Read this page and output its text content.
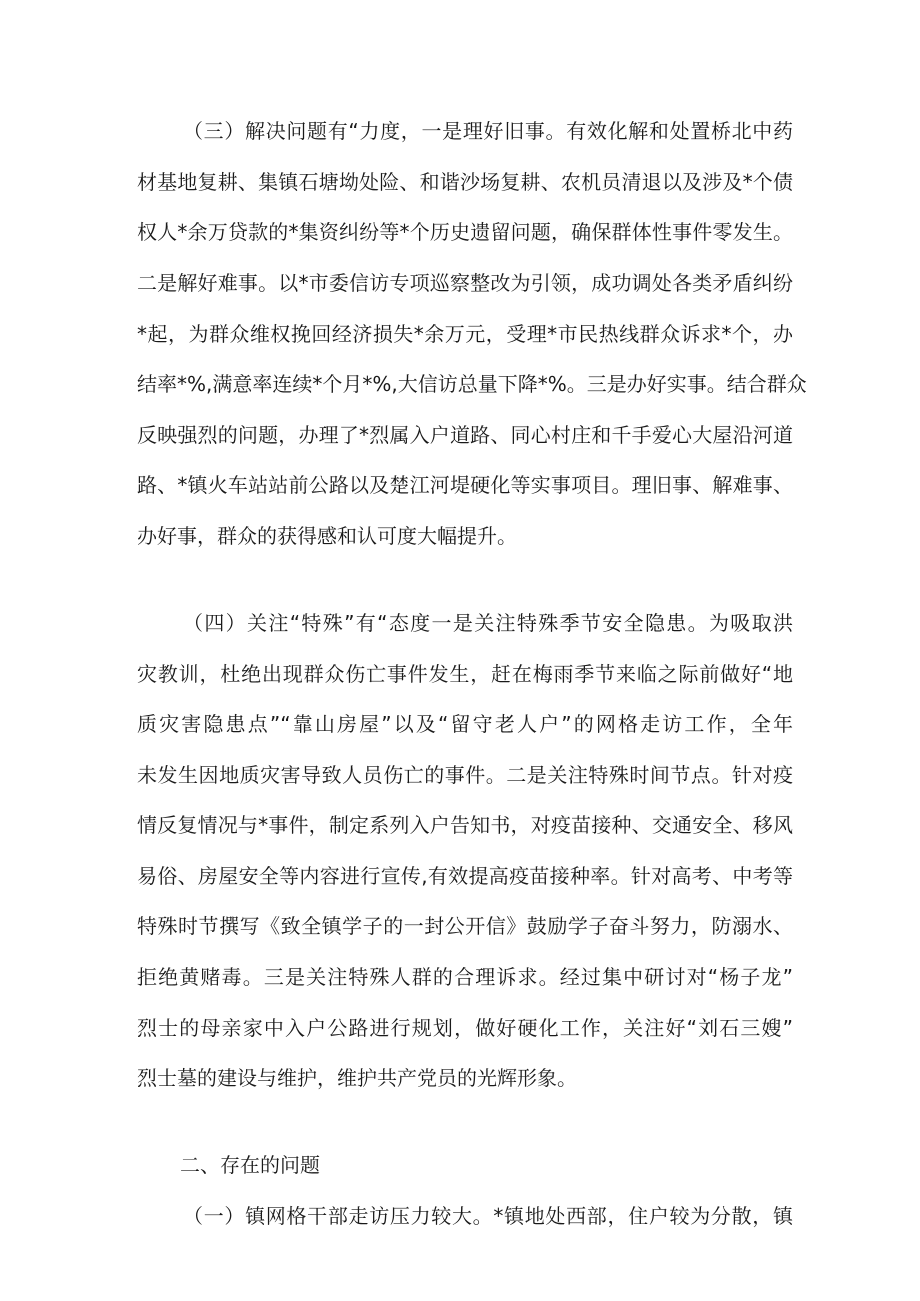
（三）解决问题有“力度，一是理好旧事。有效化解和处置桥北中药
材基地复耕、集镇石塘坳处险、和谐沙场复耕、农机员清退以及涉及*个债
权人*余万贷款的*集资纠纷等*个历史遗留问题，确保群体性事件零发生。
二是解好难事。以*市委信访专项巡察整改为引领，成功调处各类矛盾纠纷
*起，为群众维权挽回经济损失*余万元，受理*市民热线群众诉求*个，办
结率*%,满意率连续*个月*%,大信访总量下降*%。三是办好实事。结合群众
反映强烈的问题，办理了*烈属入户道路、同心村庄和千手爱心大屋沿河道
路、*镇火车站站前公路以及楚江河堤硬化等实事项目。理旧事、解难事、
办好事，群众的获得感和认可度大幅提升。
（四）关注“特殊”有“态度一是关注特殊季节安全隐患。为吸取洪
灾教训，杜绝出现群众伤亡事件发生，赶在梅雨季节来临之际前做好“地
质灾害隐患点”“靠山房屋”以及“留守老人户”的网格走访工作，全年
未发生因地质灾害导致人员伤亡的事件。二是关注特殊时间节点。针对疫
情反复情况与*事件，制定系列入户告知书，对疫苗接种、交通安全、移风
易俗、房屋安全等内容进行宣传,有效提高疫苗接种率。针对高考、中考等
特殊时节撰写《致全镇学子的一封公开信》鼓励学子奋斗努力，防溺水、
拒绝黄赌毒。三是关注特殊人群的合理诉求。经过集中研讨对“杨子龙”
烈士的母亲家中入户公路进行规划，做好硬化工作，关注好“刘石三嫂”
烈士墓的建设与维护，维护共产党员的光辉形象。
二、存在的问题
（一）镇网格干部走访压力较大。*镇地处西部，住户较为分散，镇
